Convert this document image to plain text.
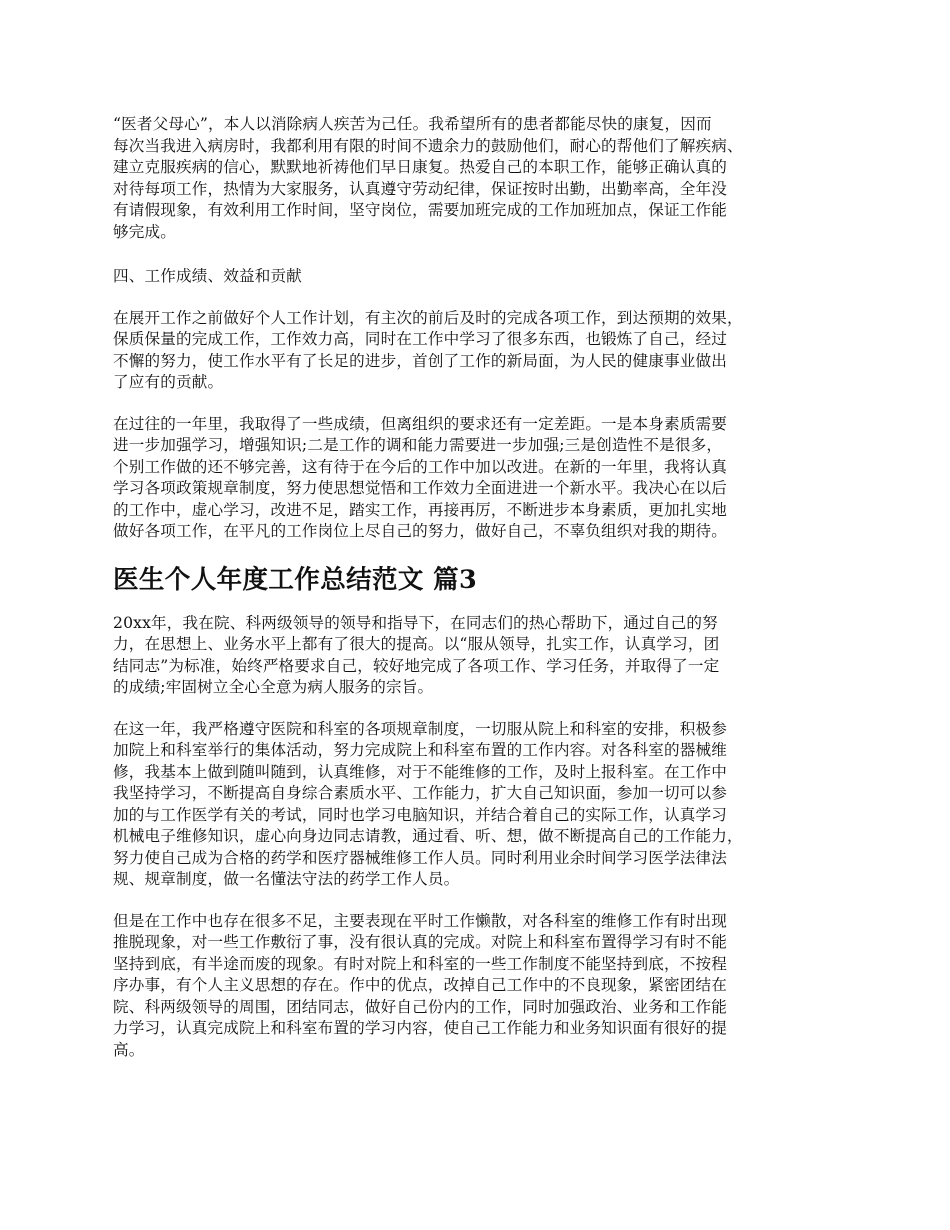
“医者父母心”，本人以消除病人疾苦为己任。我希望所有的患者都能尽快的康复，因而
每次当我进入病房时，我都利用有限的时间不遗余力的鼓励他们，耐心的帮他们了解疾病、
建立克服疾病的信心，默默地祈祷他们早日康复。热爱自己的本职工作，能够正确认真的
对待每项工作，热情为大家服务，认真遵守劳动纪律，保证按时出勤，出勤率高，全年没
有请假现象，有效利用工作时间，坚守岗位，需要加班完成的工作加班加点，保证工作能
够完成。

四、工作成绩、效益和贡献

在展开工作之前做好个人工作计划，有主次的前后及时的完成各项工作，到达预期的效果，
保质保量的完成工作，工作效力高，同时在工作中学习了很多东西，也锻炼了自己，经过
不懈的努力，使工作水平有了长足的进步，首创了工作的新局面，为人民的健康事业做出
了应有的贡献。

在过往的一年里，我取得了一些成绩，但离组织的要求还有一定差距。一是本身素质需要
进一步加强学习，增强知识;二是工作的调和能力需要进一步加强;三是创造性不是很多，
个别工作做的还不够完善，这有待于在今后的工作中加以改进。在新的一年里，我将认真
学习各项政策规章制度，努力使思想觉悟和工作效力全面进进一个新水平。我决心在以后
的工作中，虚心学习，改进不足，踏实工作，再接再厉，不断进步本身素质，更加扎实地
做好各项工作，在平凡的工作岗位上尽自己的努力，做好自己，不辜负组织对我的期待。

医生个人年度工作总结范文 篇3

20xx年，我在院、科两级领导的领导和指导下，在同志们的热心帮助下，通过自己的努
力，在思想上、业务水平上都有了很大的提高。以“服从领导，扎实工作，认真学习，团
结同志”为标准，始终严格要求自己，较好地完成了各项工作、学习任务，并取得了一定
的成绩;牢固树立全心全意为病人服务的宗旨。

在这一年，我严格遵守医院和科室的各项规章制度，一切服从院上和科室的安排，积极参
加院上和科室举行的集体活动，努力完成院上和科室布置的工作内容。对各科室的器械维
修，我基本上做到随叫随到，认真维修，对于不能维修的工作，及时上报科室。在工作中
我坚持学习，不断提高自身综合素质水平、工作能力，扩大自己知识面，参加一切可以参
加的与工作医学有关的考试，同时也学习电脑知识，并结合着自己的实际工作，认真学习
机械电子维修知识，虚心向身边同志请教，通过看、听、想，做不断提高自己的工作能力，
努力使自己成为合格的药学和医疗器械维修工作人员。同时利用业余时间学习医学法律法
规、规章制度，做一名懂法守法的药学工作人员。

但是在工作中也存在很多不足，主要表现在平时工作懒散，对各科室的维修工作有时出现
推脱现象，对一些工作敷衍了事，没有很认真的完成。对院上和科室布置得学习有时不能
坚持到底，有半途而废的现象。有时对院上和科室的一些工作制度不能坚持到底，不按程
序办事，有个人主义思想的存在。作中的优点，改掉自己工作中的不良现象，紧密团结在
院、科两级领导的周围，团结同志，做好自己份内的工作，同时加强政治、业务和工作能
力学习，认真完成院上和科室布置的学习内容，使自己工作能力和业务知识面有很好的提
高。
